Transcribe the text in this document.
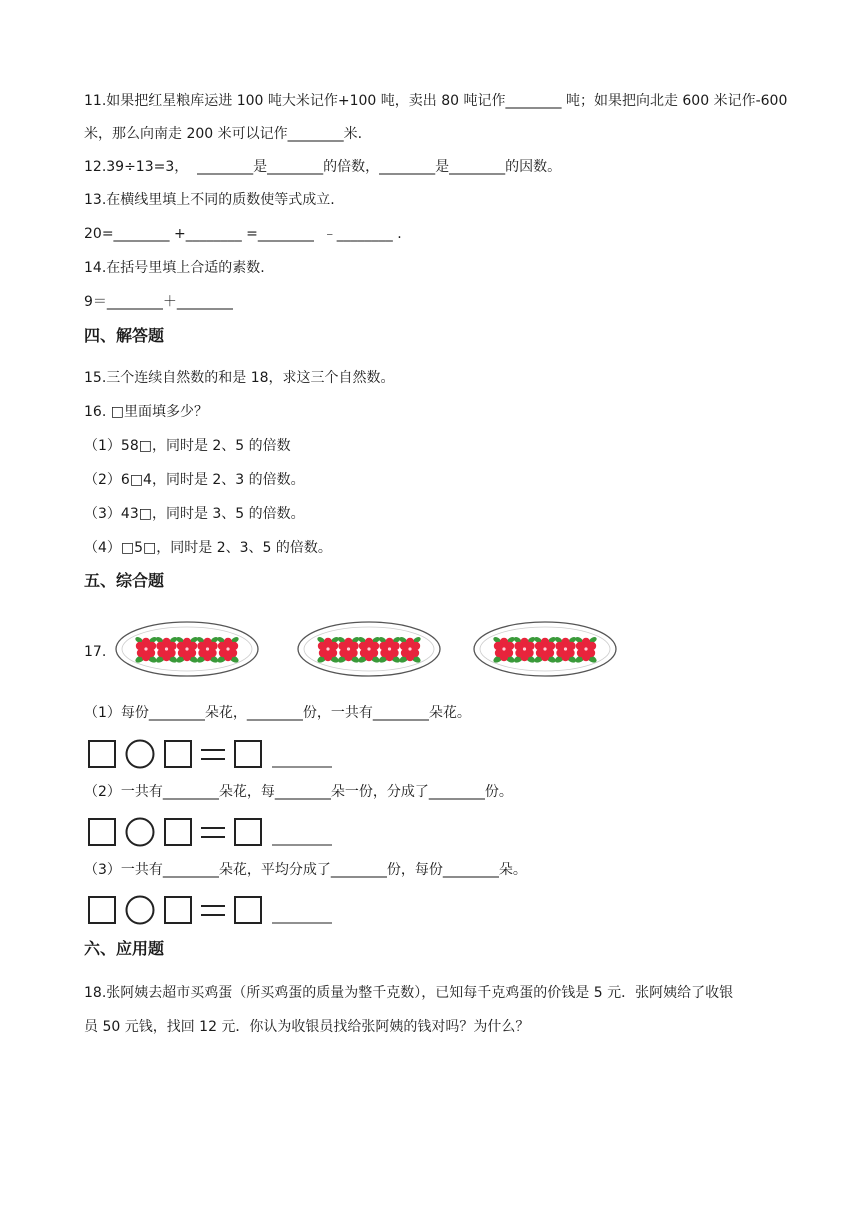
11.如果把红星粮库运进 100 吨大米记作+100 吨，卖出 80 吨记作________ 吨；如果把向北走 600 米记作-600
米，那么向南走 200 米可以记作________米.
12.39÷13=3，  ________是________的倍数，________是________的因数。
13.在横线里填上不同的质数使等式成立.
20=________ +________ =________  ﹣________ .
14.在括号里填上合适的素数.
9＝________＋________
四、解答题
15.三个连续自然数的和是 18，求这三个自然数。
16. □里面填多少？
（1）58□，同时是 2、5 的倍数
（2）6□4，同时是 2、3 的倍数。
（3）43□，同时是 3、5 的倍数。
（4）□5□，同时是 2、3、5 的倍数。
五、综合题
17.
（1）每份________朵花，________份，一共有________朵花。
（2）一共有________朵花，每________朵一份，分成了________份。
（3）一共有________朵花，平均分成了________份，每份________朵。
六、应用题
18.张阿姨去超市买鸡蛋（所买鸡蛋的质量为整千克数），已知每千克鸡蛋的价钱是 5 元．张阿姨给了收银
员 50 元钱，找回 12 元．你认为收银员找给张阿姨的钱对吗？为什么？
